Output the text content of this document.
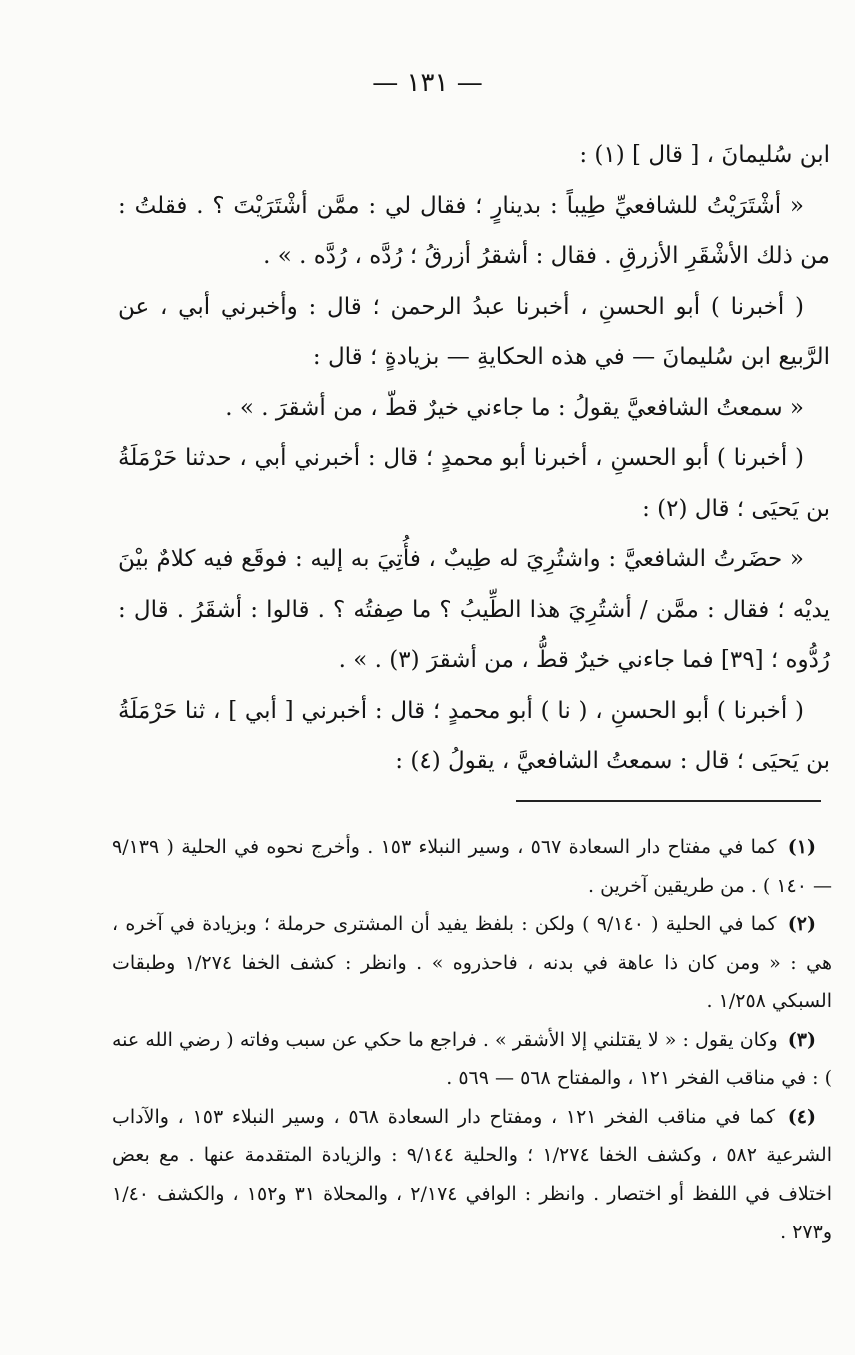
— ١٣١ —

ابن سُليمانَ ، [ قال ] (١) :

« أشْتَرَيْتُ للشافعيِّ طِيباً : بدينارٍ ؛ فقال لي : ممَّن أشْتَرَيْتَ ؟ . فقلتُ : من ذلك الأشْقَرِ الأزرقِ . فقال : أشقرُ أزرقُ ؛ رُدَّه ، رُدَّه . » .

( أخبرنا ) أبو الحسنِ ، أخبرنا عبدُ الرحمن ؛ قال : وأخبرني أبي ، عن الرَّبيع ابن سُليمانَ — في هذه الحكايةِ — بزيادةٍ ؛ قال :

« سمعتُ الشافعيَّ يقولُ : ما جاءني خيرٌ قطّ ، من أشقرَ . » .

( أخبرنا ) أبو الحسنِ ، أخبرنا أبو محمدٍ ؛ قال : أخبرني أبي ، حدثنا حَرْمَلَةُ بن يَحيَى ؛ قال (٢) :

« حضَرتُ الشافعيَّ : واشتُرِيَ له طِيبٌ ، فأُتِيَ به إليه : فوقَع فيه كلامٌ بيْنَ يديْه ؛ فقال : ممَّن / أشتُرِيَ هذا الطِّيبُ ؟ ما صِفتُه ؟ . قالوا : أشقَرُ . قال : رُدُّوه ؛ [٣٩] فما جاءني خيرٌ قطُّ ، من أشقرَ (٣) . » .

( أخبرنا ) أبو الحسنِ ، ( نا ) أبو محمدٍ ؛ قال : أخبرني [ أبي ] ، ثنا حَرْمَلَةُ بن يَحيَى ؛ قال : سمعتُ الشافعيَّ ، يقولُ (٤) :

(١) كما في مفتاح دار السعادة ٥٦٧ ، وسير النبلاء ١٥٣ . وأخرج نحوه في الحلية ( ٩/١٣٩ — ١٤٠ ) . من طريقين آخرين .

(٢) كما في الحلية ( ٩/١٤٠ ) ولكن : بلفظ يفيد أن المشترى حرملة ؛ وبزيادة في آخره ، هي : « ومن كان ذا عاهة في بدنه ، فاحذروه » . وانظر : كشف الخفا ١/٢٧٤ وطبقات السبكي ١/٢٥٨ .

(٣) وكان يقول : « لا يقتلني إلا الأشقر » . فراجع ما حكي عن سبب وفاته ( رضي الله عنه ) : في مناقب الفخر ١٢١ ، والمفتاح ٥٦٨ — ٥٦٩ .

(٤) كما في مناقب الفخر ١٢١ ، ومفتاح دار السعادة ٥٦٨ ، وسير النبلاء ١٥٣ ، والآداب الشرعية ٥٨٢ ، وكشف الخفا ١/٢٧٤ ؛ والحلية ٩/١٤٤ : والزيادة المتقدمة عنها . مع بعض اختلاف في اللفظ أو اختصار . وانظر : الوافي ٢/١٧٤ ، والمحلاة ٣١ و١٥٢ ، والكشف ١/٤٠ و٢٧٣ .
